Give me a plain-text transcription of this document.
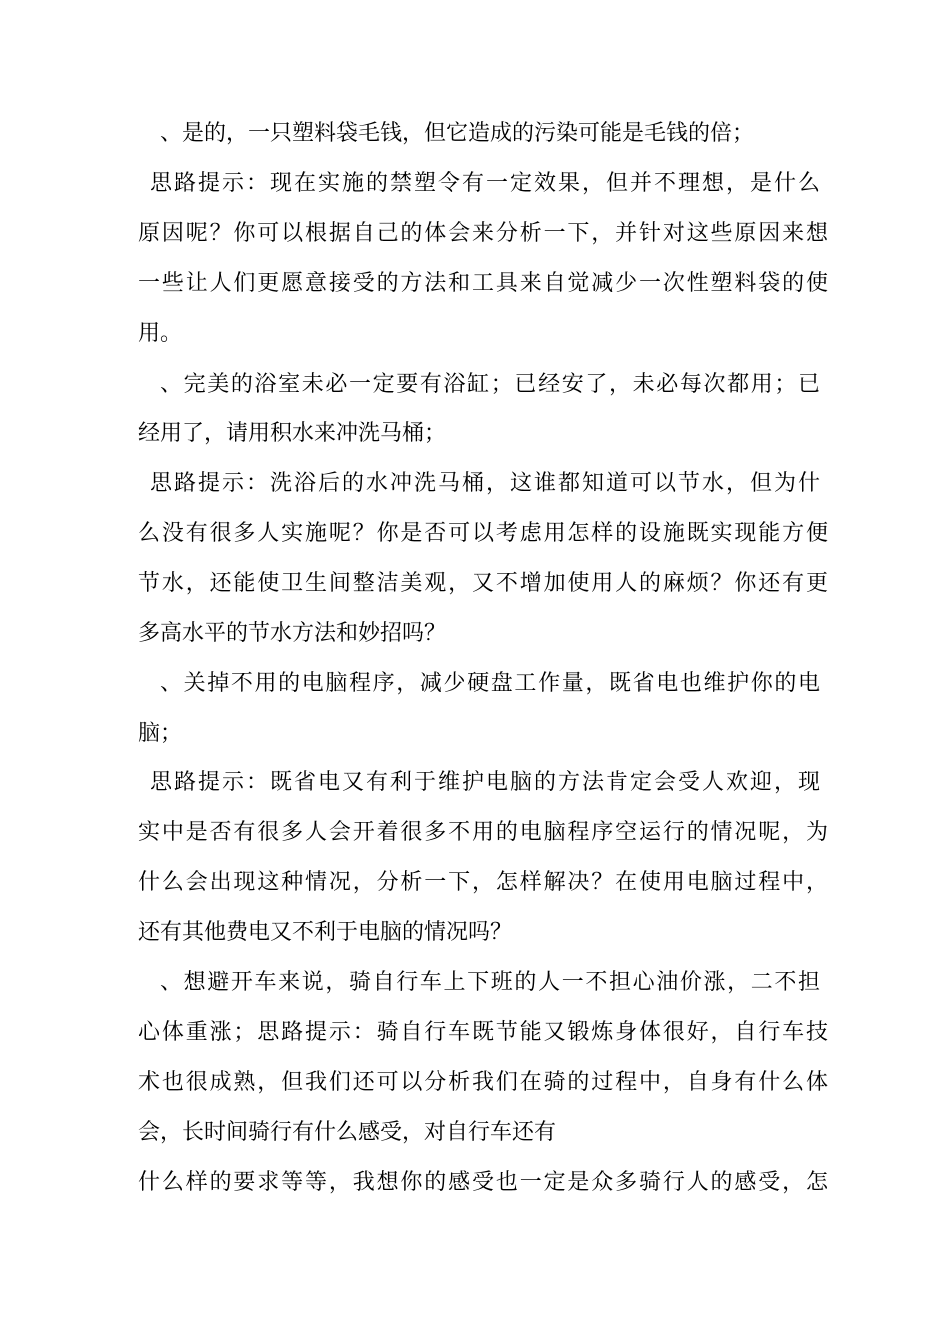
、是的，一只塑料袋毛钱，但它造成的污染可能是毛钱的倍；
思路提示：现在实施的禁塑令有一定效果，但并不理想，是什么
原因呢？你可以根据自己的体会来分析一下，并针对这些原因来想
一些让人们更愿意接受的方法和工具来自觉减少一次性塑料袋的使
用。
、完美的浴室未必一定要有浴缸；已经安了，未必每次都用；已
经用了，请用积水来冲洗马桶；
思路提示：洗浴后的水冲洗马桶，这谁都知道可以节水，但为什
么没有很多人实施呢？你是否可以考虑用怎样的设施既实现能方便
节水，还能使卫生间整洁美观，又不增加使用人的麻烦？你还有更
多高水平的节水方法和妙招吗？
、关掉不用的电脑程序，减少硬盘工作量，既省电也维护你的电
脑；
思路提示：既省电又有利于维护电脑的方法肯定会受人欢迎，现
实中是否有很多人会开着很多不用的电脑程序空运行的情况呢，为
什么会出现这种情况，分析一下，怎样解决？在使用电脑过程中，
还有其他费电又不利于电脑的情况吗？
、想避开车来说，骑自行车上下班的人一不担心油价涨，二不担
心体重涨；思路提示：骑自行车既节能又锻炼身体很好，自行车技
术也很成熟，但我们还可以分析我们在骑的过程中，自身有什么体
会，长时间骑行有什么感受，对自行车还有
什么样的要求等等，我想你的感受也一定是众多骑行人的感受，怎
